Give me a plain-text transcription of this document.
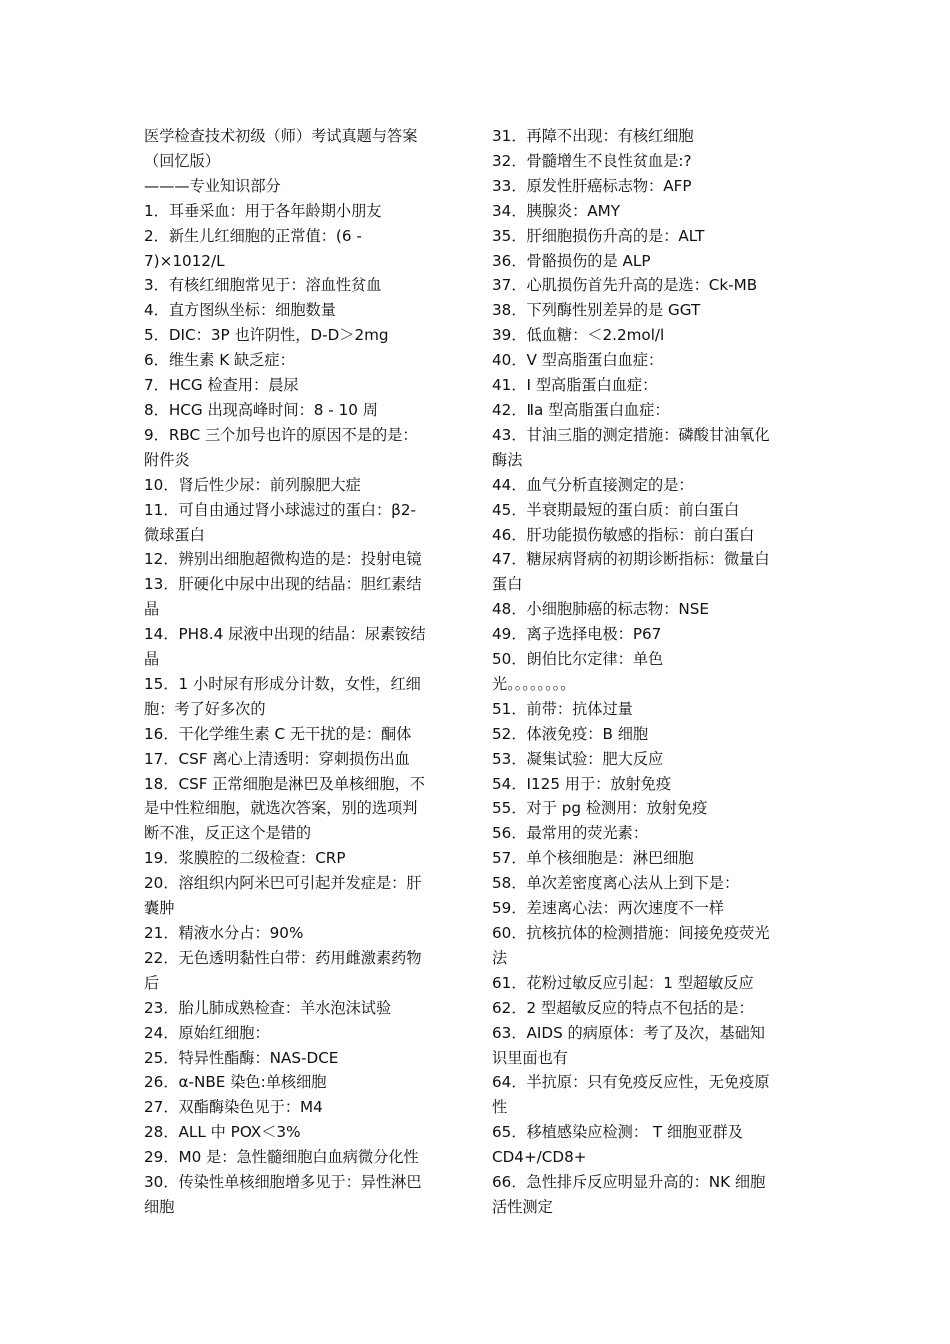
医学检查技术初级（师）考试真题与答案
（回忆版）
———专业知识部分
1．耳垂采血：用于各年龄期小朋友
2．新生儿红细胞的正常值：(6 -
7)×1012/L
3．有核红细胞常见于：溶血性贫血
4．直方图纵坐标：细胞数量
5．DIC：3P 也许阴性，D-D＞2mg
6．维生素 K 缺乏症：
7．HCG 检查用：晨尿
8．HCG 出现高峰时间：8 - 10 周
9．RBC 三个加号也许的原因不是的是：
附件炎
10．肾后性少尿：前列腺肥大症
11．可自由通过肾小球滤过的蛋白：β2-
微球蛋白
12．辨别出细胞超微构造的是：投射电镜
13．肝硬化中尿中出现的结晶：胆红素结
晶
14．PH8.4 尿液中出现的结晶：尿素铵结
晶
15．1 小时尿有形成分计数，女性，红细
胞：考了好多次的
16．干化学维生素 C 无干扰的是：酮体
17．CSF 离心上清透明：穿刺损伤出血
18．CSF 正常细胞是淋巴及单核细胞，不
是中性粒细胞，就选次答案，别的选项判
断不准，反正这个是错的
19．浆膜腔的二级检查：CRP
20．溶组织内阿米巴可引起并发症是：肝
囊肿
21．精液水分占：90%
22．无色透明黏性白带：药用雌激素药物
后
23．胎儿肺成熟检查：羊水泡沫试验
24．原始红细胞：
25．特异性酯酶：NAS-DCE
26．α-NBE 染色:单核细胞
27．双酯酶染色见于：M4
28．ALL 中 POX＜3%
29．M0 是：急性髓细胞白血病微分化性
30．传染性单核细胞增多见于：异性淋巴
细胞
31．再障不出现：有核红细胞
32．骨髓增生不良性贫血是:?
33．原发性肝癌标志物：AFP
34．胰腺炎：AMY
35．肝细胞损伤升高的是：ALT
36．骨骼损伤的是 ALP
37．心肌损伤首先升高的是选：Ck-MB
38．下列酶性别差异的是 GGT
39．低血糖：＜2.2mol/l
40．V 型高脂蛋白血症：
41．I 型高脂蛋白血症：
42．Ⅱa 型高脂蛋白血症：
43．甘油三脂的测定措施：磷酸甘油氧化
酶法
44．血气分析直接测定的是：
45．半衰期最短的蛋白质：前白蛋白
46．肝功能损伤敏感的指标：前白蛋白
47．糖尿病肾病的初期诊断指标：微量白
蛋白
48．小细胞肺癌的标志物：NSE
49．离子选择电极：P67
50．朗伯比尔定律：单色
光。。。。。。。。
51．前带：抗体过量
52．体液免疫：B 细胞
53．凝集试验：肥大反应
54．I125 用于：放射免疫
55．对于 pg 检测用：放射免疫
56．最常用的荧光素：
57．单个核细胞是：淋巴细胞
58．单次差密度离心法从上到下是：
59．差速离心法：两次速度不一样
60．抗核抗体的检测措施：间接免疫荧光
法
61．花粉过敏反应引起：1 型超敏反应
62．2 型超敏反应的特点不包括的是：
63．AIDS 的病原体：考了及次，基础知
识里面也有
64．半抗原：只有免疫反应性，无免疫原
性
65．移植感染应检测： T 细胞亚群及
CD4+/CD8+
66．急性排斥反应明显升高的：NK 细胞
活性测定
